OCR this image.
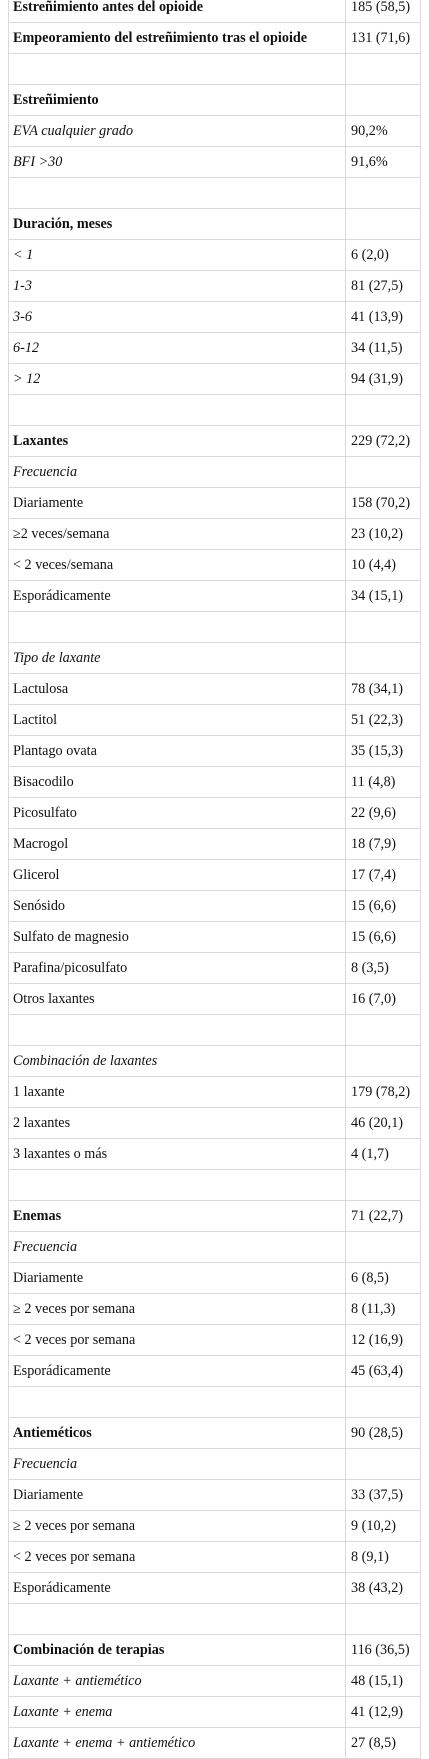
Estreñimiento antes del opioide	185 (58,5)
Empeoramiento del estreñimiento tras el opioide	131 (71,6)

Estreñimiento	
EVA cualquier grado	90,2%
BFI >30	91,6%

Duración, meses	
< 1	6 (2,0)
1-3	81 (27,5)
3-6	41 (13,9)
6-12	34 (11,5)
> 12	94 (31,9)

Laxantes	229 (72,2)
Frecuencia	
Diariamente	158 (70,2)
≥2 veces/semana	23 (10,2)
< 2 veces/semana	10 (4,4)
Esporádicamente	34 (15,1)

Tipo de laxante	
Lactulosa	78 (34,1)
Lactitol	51 (22,3)
Plantago ovata	35 (15,3)
Bisacodilo	11 (4,8)
Picosulfato	22 (9,6)
Macrogol	18 (7,9)
Glicerol	17 (7,4)
Senósido	15 (6,6)
Sulfato de magnesio	15 (6,6)
Parafina/picosulfato	8 (3,5)
Otros laxantes	16 (7,0)

Combinación de laxantes	
1 laxante	179 (78,2)
2 laxantes	46 (20,1)
3 laxantes o más	4 (1,7)

Enemas	71 (22,7)
Frecuencia	
Diariamente	6 (8,5)
≥ 2 veces por semana	8 (11,3)
< 2 veces por semana	12 (16,9)
Esporádicamente	45 (63,4)

Antieméticos	90 (28,5)
Frecuencia	
Diariamente	33 (37,5)
≥ 2 veces por semana	9 (10,2)
< 2 veces por semana	8 (9,1)
Esporádicamente	38 (43,2)

Combinación de terapias	116 (36,5)
Laxante + antiemético	48 (15,1)
Laxante + enema	41 (12,9)
Laxante + enema + antiemético	27 (8,5)
